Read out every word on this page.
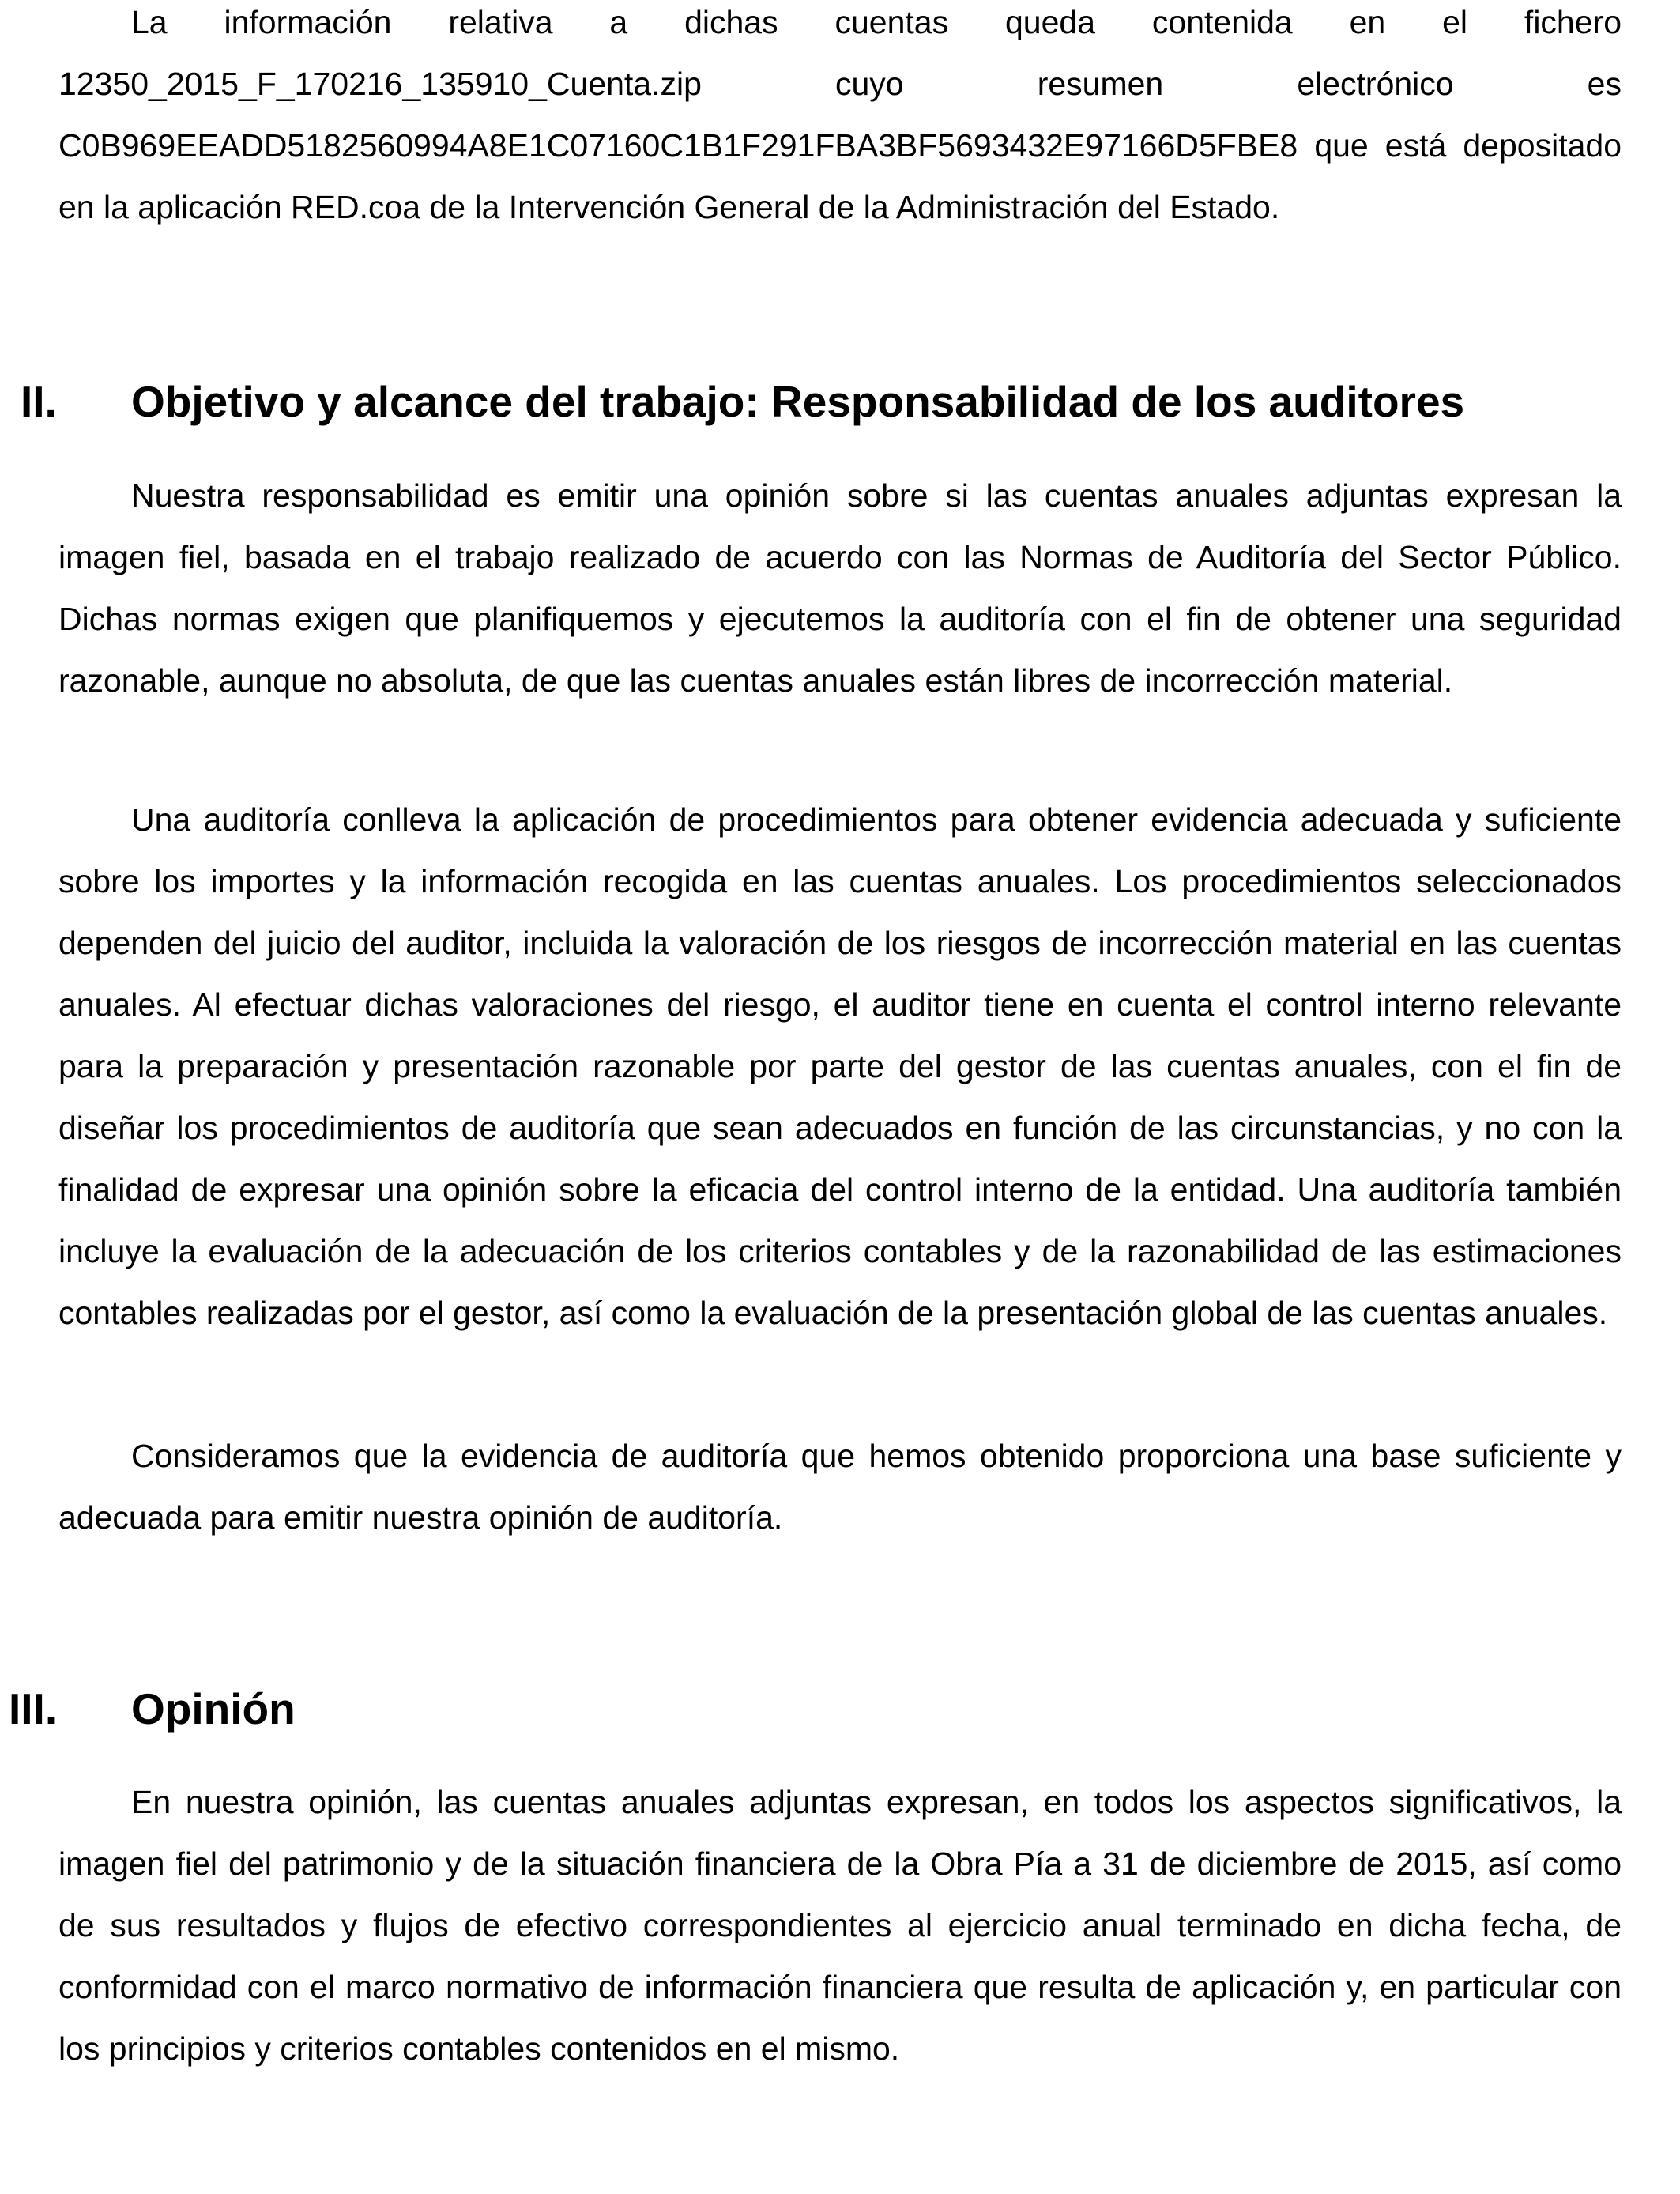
La información relativa a dichas cuentas queda contenida en el fichero 12350_2015_F_170216_135910_Cuenta.zip cuyo resumen electrónico es C0B969EEADD5182560994A8E1C07160C1B1F291FBA3BF5693432E97166D5FBE8 que está depositado en la aplicación RED.coa de la Intervención General de la Administración del Estado.

II. Objetivo y alcance del trabajo: Responsabilidad de los auditores

Nuestra responsabilidad es emitir una opinión sobre si las cuentas anuales adjuntas expresan la imagen fiel, basada en el trabajo realizado de acuerdo con las Normas de Auditoría del Sector Público. Dichas normas exigen que planifiquemos y ejecutemos la auditoría con el fin de obtener una seguridad razonable, aunque no absoluta, de que las cuentas anuales están libres de incorrección material.

Una auditoría conlleva la aplicación de procedimientos para obtener evidencia adecuada y suficiente sobre los importes y la información recogida en las cuentas anuales. Los procedimientos seleccionados dependen del juicio del auditor, incluida la valoración de los riesgos de incorrección material en las cuentas anuales. Al efectuar dichas valoraciones del riesgo, el auditor tiene en cuenta el control interno relevante para la preparación y presentación razonable por parte del gestor de las cuentas anuales, con el fin de diseñar los procedimientos de auditoría que sean adecuados en función de las circunstancias, y no con la finalidad de expresar una opinión sobre la eficacia del control interno de la entidad. Una auditoría también incluye la evaluación de la adecuación de los criterios contables y de la razonabilidad de las estimaciones contables realizadas por el gestor, así como la evaluación de la presentación global de las cuentas anuales.

Consideramos que la evidencia de auditoría que hemos obtenido proporciona una base suficiente y adecuada para emitir nuestra opinión de auditoría.

III. Opinión

En nuestra opinión, las cuentas anuales adjuntas expresan, en todos los aspectos significativos, la imagen fiel del patrimonio y de la situación financiera de la Obra Pía a 31 de diciembre de 2015, así como de sus resultados y flujos de efectivo correspondientes al ejercicio anual terminado en dicha fecha, de conformidad con el marco normativo de información financiera que resulta de aplicación y, en particular con los principios y criterios contables contenidos en el mismo.
